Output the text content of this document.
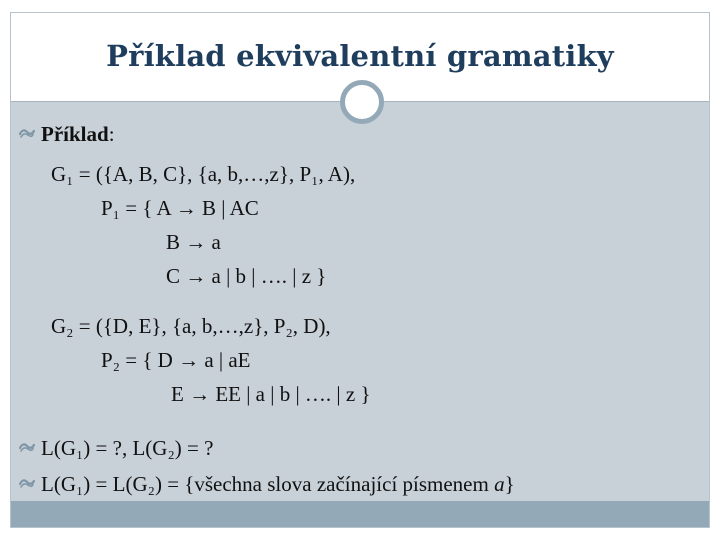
Příklad ekvivalentní gramatiky
Příklad:
G₁ = ({A, B, C}, {a, b,…,z}, P₁, A),
P₁ = { A → B | AC
B → a
C → a | b | …. | z }
G₂ = ({D, E}, {a, b,…,z}, P₂, D),
P₂ = { D → a | aE
E → EE | a | b | …. | z }
L(G₁) = ?, L(G₂) = ?
L(G₁) = L(G₂) = {všechna slova začínající písmenem a}
